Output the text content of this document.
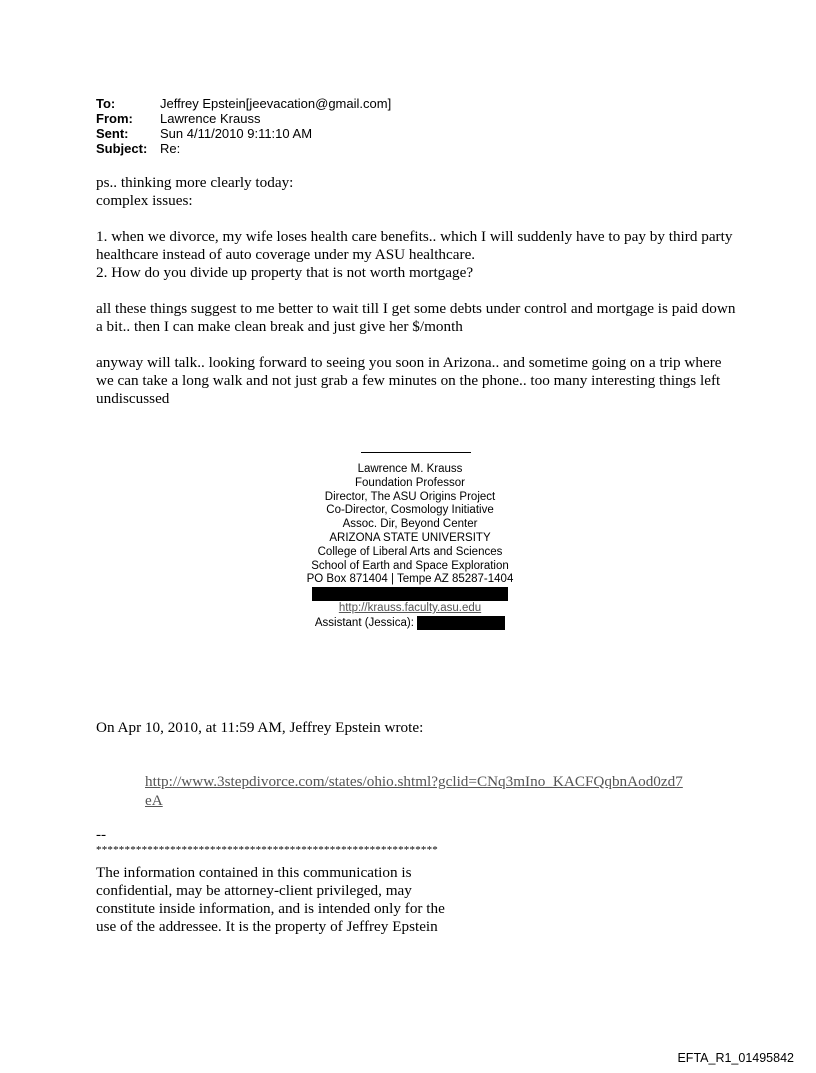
To:	Jeffrey Epstein[jeevacation@gmail.com]
From:	Lawrence Krauss
Sent:	Sun 4/11/2010 9:11:10 AM
Subject: Re:

ps.. thinking more clearly today:
complex issues:

1. when we divorce, my wife loses health care benefits.. which I will suddenly have to pay by third party healthcare instead of auto coverage under my ASU healthcare.
2. How do you divide up property that is not worth mortgage?

all these things suggest to me better to wait till I get some debts under control and mortgage is paid down a bit.. then I can make clean break and just give her $/month

anyway will talk.. looking forward to seeing you soon in Arizona.. and sometime going on a trip where we can take a long walk and not just grab a few minutes on the phone.. too many interesting things left undiscussed

Lawrence M. Krauss
Foundation Professor
Director, The ASU Origins Project
Co-Director, Cosmology Initiative
Assoc. Dir, Beyond Center
ARIZONA STATE UNIVERSITY
College of Liberal Arts and Sciences
School of Earth and Space Exploration
PO Box 871404 | Tempe AZ 85287-1404
http://krauss.faculty.asu.edu
Assistant (Jessica):
On Apr 10, 2010, at 11:59 AM, Jeffrey Epstein wrote:
http://www.3stepdivorce.com/states/ohio.shtml?gclid=CNq3mIno_KACFQqbnAod0zd7eA
--
************************************************************
The information contained in this communication is confidential, may be attorney-client privileged, may constitute inside information, and is intended only for the use of the addressee. It is the property of Jeffrey Epstein
EFTA_R1_01495842
